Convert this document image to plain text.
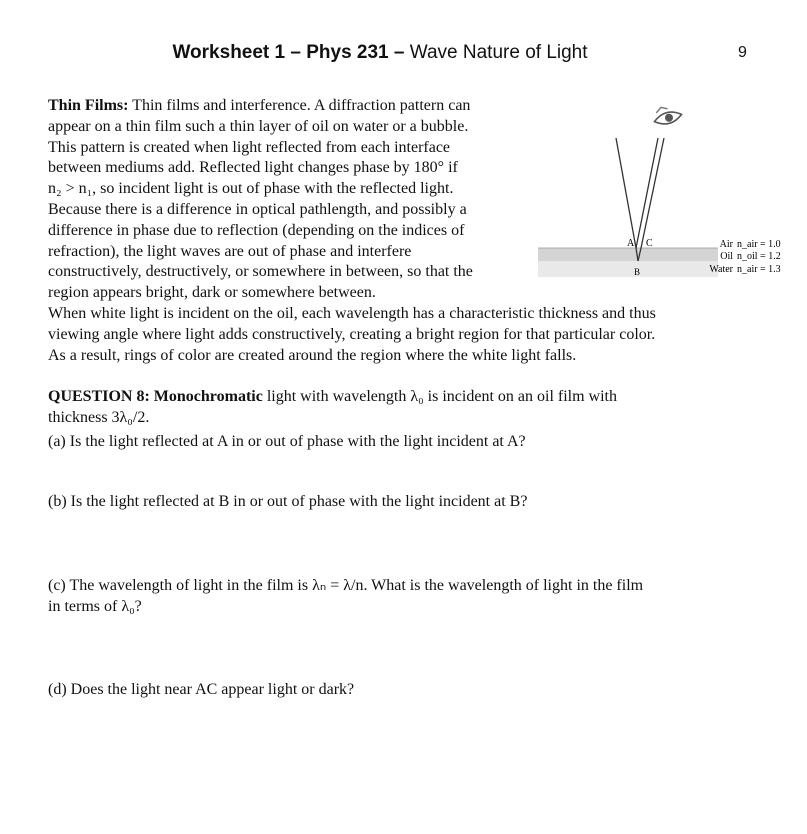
Worksheet 1 – Phys 231 – Wave Nature of Light	9
Thin Films: Thin films and interference. A diffraction pattern can
appear on a thin film such a thin layer of oil on water or a bubble.
This pattern is created when light reflected from each interface
between mediums add. Reflected light changes phase by 180° if
n₂ > n₁, so incident light is out of phase with the reflected light.
Because there is a difference in optical pathlength, and possibly a
difference in phase due to reflection (depending on the indices of
refraction), the light waves are out of phase and interfere
constructively, destructively, or somewhere in between, so that the
region appears bright, dark or somewhere between.
When white light is incident on the oil, each wavelength has a characteristic thickness and thus
viewing angle where light adds constructively, creating a bright region for that particular color.
As a result, rings of color are created around the region where the white light falls.
A C
B
Air
Oil
Water
n_air = 1.0
n_oil = 1.2
n_air = 1.3
QUESTION 8: Monochromatic light with wavelength λ₀ is incident on an oil film with
thickness 3λ₀/2.
(a) Is the light reflected at A in or out of phase with the light incident at A?
(b) Is the light reflected at B in or out of phase with the light incident at B?
(c) The wavelength of light in the film is λₙ = λ/n. What is the wavelength of light in the film
in terms of λ₀?
(d) Does the light near AC appear light or dark?
